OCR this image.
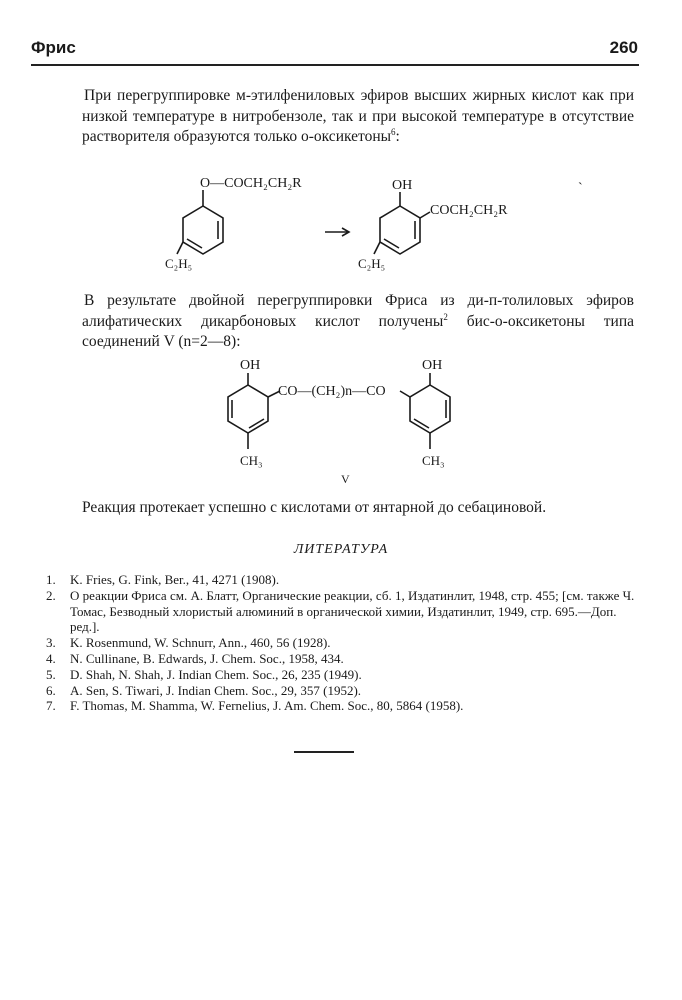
Фрис	260
При перегруппировке м-этилфениловых эфиров высших жирных кислот как при низкой температуре в нитробензоле, так и при высокой температуре в отсутствие растворителя образуются только о-оксикетоны$^6$:
ˋ
O—COCH₂CH₂R
C₂H₅
OH
COCH₂CH₂R
C₂H₅
В результате двойной перегруппировки Фриса из ди-п-толиловых эфиров алифатических дикарбоновых кислот получены$^2$ бис-о-оксикетоны типа соединений V (n=2—8):
OH	OH
CO—(CH₂)n—CO
CH₃	CH₃
V
Реакция протекает успешно с кислотами от янтарной до себациновой.
ЛИТЕРАТУРА
1.	K. Fries, G. Fink, Ber., 41, 4271 (1908).
2.	О реакции Фриса см. А. Блатт, Органические реакции, сб. 1, Издатинлит, 1948, стр. 455; [см. также Ч. Томас, Безводный хлористый алюминий в органической химии, Издатинлит, 1949, стр. 695.—Доп. ред.].
3.	K. Rosenmund, W. Schnurr, Ann., 460, 56 (1928).
4.	N. Cullinane, B. Edwards, J. Chem. Soc., 1958, 434.
5.	D. Shah, N. Shah, J. Indian Chem. Soc., 26, 235 (1949).
6.	A. Sen, S. Tiwari, J. Indian Chem. Soc., 29, 357 (1952).
7.	F. Thomas, M. Shamma, W. Fernelius, J. Am. Chem. Soc., 80, 5864 (1958).
